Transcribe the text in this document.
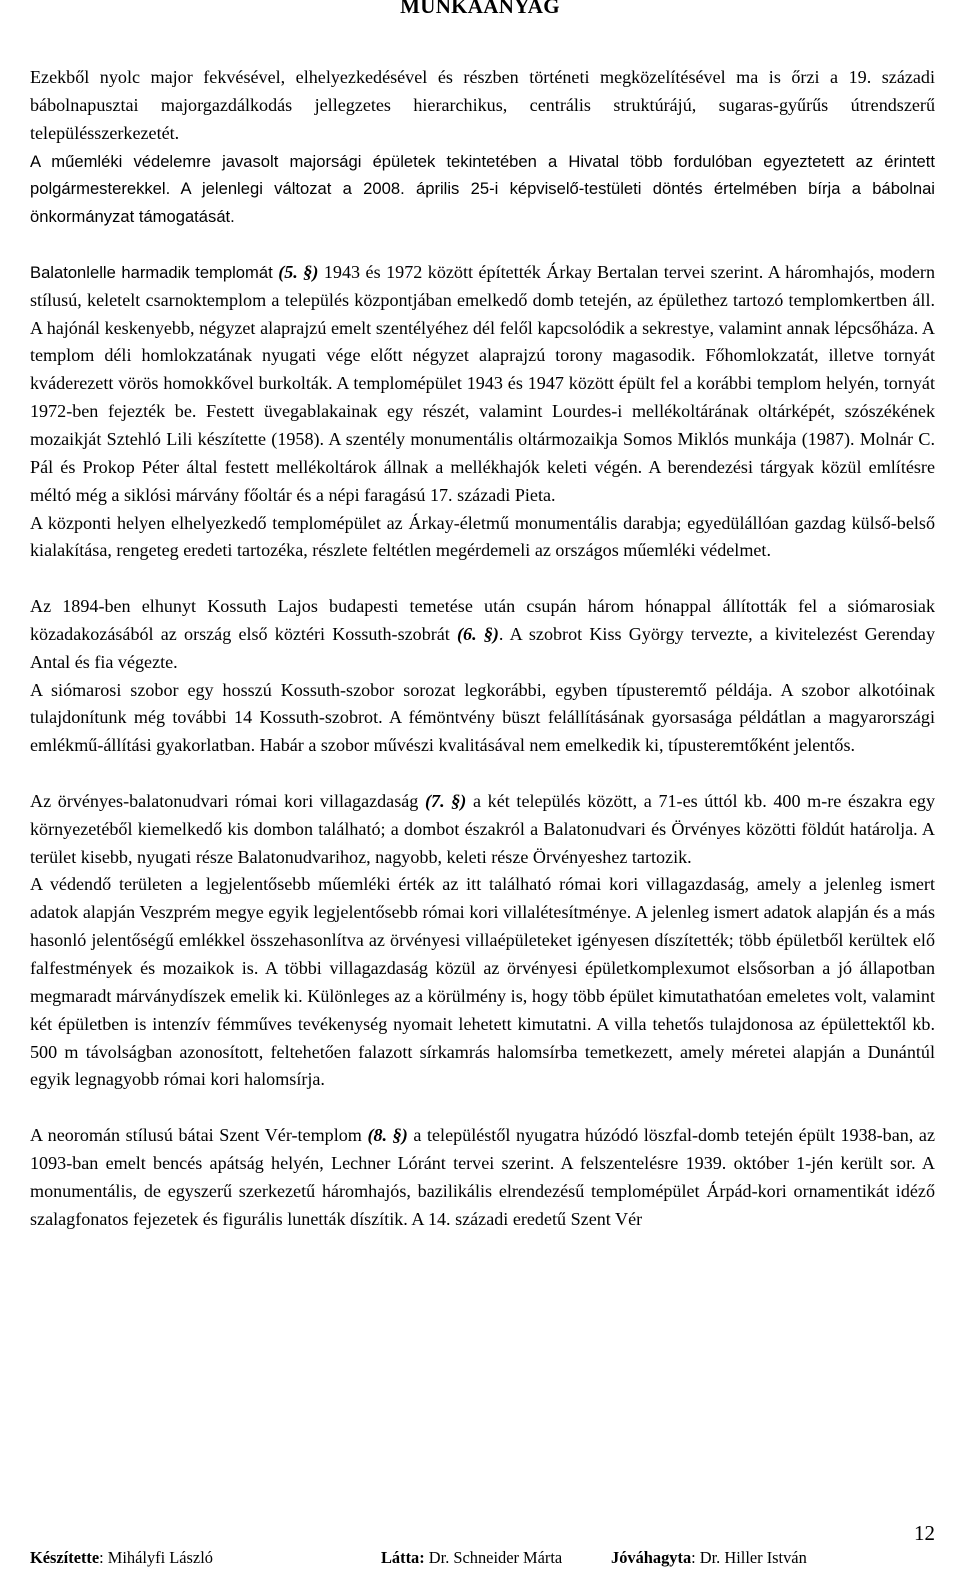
MUNKAANYAG

Ezekből nyolc major fekvésével, elhelyezkedésével és részben történeti megközelítésével ma is őrzi a 19. századi bábolnapusztai majorgazdálkodás jellegzetes hierarchikus, centrális struktúrájú, sugaras-gyűrűs útrendszerű településszerkezetét.

A műemléki védelemre javasolt majorsági épületek tekintetében a Hivatal több fordulóban egyeztetett az érintett polgármesterekkel. A jelenlegi változat a 2008. április 25-i képviselő-testületi döntés értelmében bírja a bábolnai önkormányzat támogatását.

Balatonlelle harmadik templomát (5. §) 1943 és 1972 között építették Árkay Bertalan tervei szerint. A háromhajós, modern stílusú, keletelt csarnoktemplom a település központjában emelkedő domb tetején, az épülethez tartozó templomkertben áll. A hajónál keskenyebb, négyzet alaprajzú emelt szentélyéhez dél felől kapcsolódik a sekrestye, valamint annak lépcsőháza. A templom déli homlokzatának nyugati vége előtt négyzet alaprajzú torony magasodik. Főhomlokzatát, illetve tornyát kváderezett vörös homokkővel burkolták. A templomépület 1943 és 1947 között épült fel a korábbi templom helyén, tornyát 1972-ben fejezték be. Festett üvegablakainak egy részét, valamint Lourdes-i mellékoltárának oltárképét, szószékének mozaikját Sztehló Lili készítette (1958). A szentély monumentális oltármozaikja Somos Miklós munkája (1987). Molnár C. Pál és Prokop Péter által festett mellékoltárok állnak a mellékhajók keleti végén. A berendezési tárgyak közül említésre méltó még a siklósi márvány főoltár és a népi faragású 17. századi Pieta.

A központi helyen elhelyezkedő templomépület az Árkay-életmű monumentális darabja; egyedülállóan gazdag külső-belső kialakítása, rengeteg eredeti tartozéka, részlete feltétlen megérdemeli az országos műemléki védelmet.

Az 1894-ben elhunyt Kossuth Lajos budapesti temetése után csupán három hónappal állították fel a siómarosiak közadakozásából az ország első köztéri Kossuth-szobrát (6. §). A szobrot Kiss György tervezte, a kivitelezést Gerenday Antal és fia végezte.

A siómarosi szobor egy hosszú Kossuth-szobor sorozat legkorábbi, egyben típusteremtő példája. A szobor alkotóinak tulajdonítunk még további 14 Kossuth-szobrot. A fémöntvény büszt felállításának gyorsasága példátlan a magyarországi emlékmű-állítási gyakorlatban. Habár a szobor művészi kvalitásával nem emelkedik ki, típusteremtőként jelentős.

Az örvényes-balatonudvari római kori villagazdaság (7. §) a két település között, a 71-es úttól kb. 400 m-re északra egy környezetéből kiemelkedő kis dombon található; a dombot északról a Balatonudvari és Örvényes közötti földút határolja. A terület kisebb, nyugati része Balatonudvarihoz, nagyobb, keleti része Örvényeshez tartozik.

A védendő területen a legjelentősebb műemléki érték az itt található római kori villagazdaság, amely a jelenleg ismert adatok alapján Veszprém megye egyik legjelentősebb római kori villalétesítménye. A jelenleg ismert adatok alapján és a más hasonló jelentőségű emlékkel összehasonlítva az örvényesi villaépületeket igényesen díszítették; több épületből kerültek elő falfestmények és mozaikok is. A többi villagazdaság közül az örvényesi épületkomplexumot elsősorban a jó állapotban megmaradt márványdíszek emelik ki. Különleges az a körülmény is, hogy több épület kimutathatóan emeletes volt, valamint két épületben is intenzív fémműves tevékenység nyomait lehetett kimutatni. A villa tehetős tulajdonosa az épülettektől kb. 500 m távolságban azonosított, feltehetően falazott sírkamrás halomsírba temetkezett, amely méretei alapján a Dunántúl egyik legnagyobb római kori halomsírja.

A neoromán stílusú bátai Szent Vér-templom (8. §) a településtől nyugatra húzódó löszfal-domb tetején épült 1938-ban, az 1093-ban emelt bencés apátság helyén, Lechner Lóránt tervei szerint. A felszentelésre 1939. október 1-jén került sor. A monumentális, de egyszerű szerkezetű háromhajós, bazilikális elrendezésű templomépület Árpád-kori ornamentikát idéző szalagfonatos fejezetek és figurális lunetták díszítik. A 14. századi eredetű Szent Vér

12
Készítette: Mihályfi László	Látta: Dr. Schneider Márta	Jóváhagyta: Dr. Hiller István
